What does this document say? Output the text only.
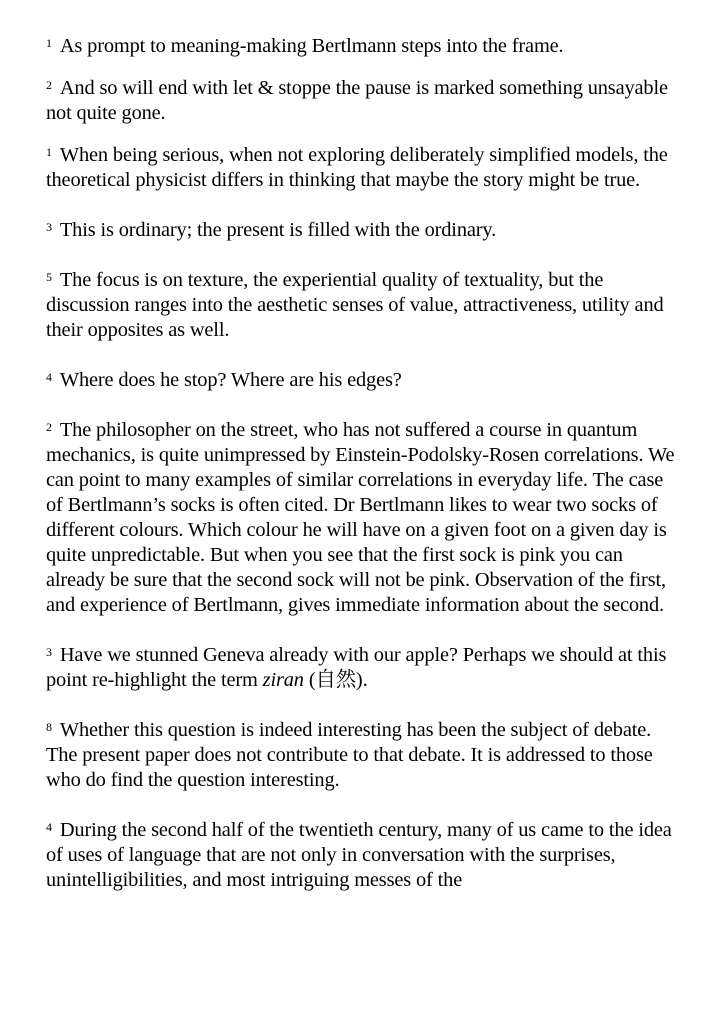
$^1$ As prompt to meaning-making Bertlmann steps into the frame.

$^2$ And so will end with let & stoppe the pause is marked something unsayable not quite gone.

$^1$ When being serious, when not exploring deliberately simplified models, the theoretical physicist differs in thinking that maybe the story might be true.

$^3$ This is ordinary; the present is filled with the ordinary.

$^5$ The focus is on texture, the experiential quality of textuality, but the discussion ranges into the aesthetic senses of value, attractiveness, utility and their opposites as well.

$^4$ Where does he stop? Where are his edges?

$^2$ The philosopher on the street, who has not suffered a course in quantum mechanics, is quite unimpressed by Einstein-Podolsky-Rosen correlations. We can point to many examples of similar correlations in everyday life. The case of Bertlmann’s socks is often cited. Dr Bertlmann likes to wear two socks of different colours. Which colour he will have on a given foot on a given day is quite unpredictable. But when you see that the first sock is pink you can already be sure that the second sock will not be pink. Observation of the first, and experience of Bertlmann, gives immediate information about the second.

$^3$ Have we stunned Geneva already with our apple? Perhaps we should at this point re-highlight the term ziran (自然).

$^8$ Whether this question is indeed interesting has been the subject of debate. The present paper does not contribute to that debate. It is addressed to those who do find the question interesting.

$^4$ During the second half of the twentieth century, many of us came to the idea of uses of language that are not only in conversation with the surprises, unintelligibilities, and most intriguing messes of the
